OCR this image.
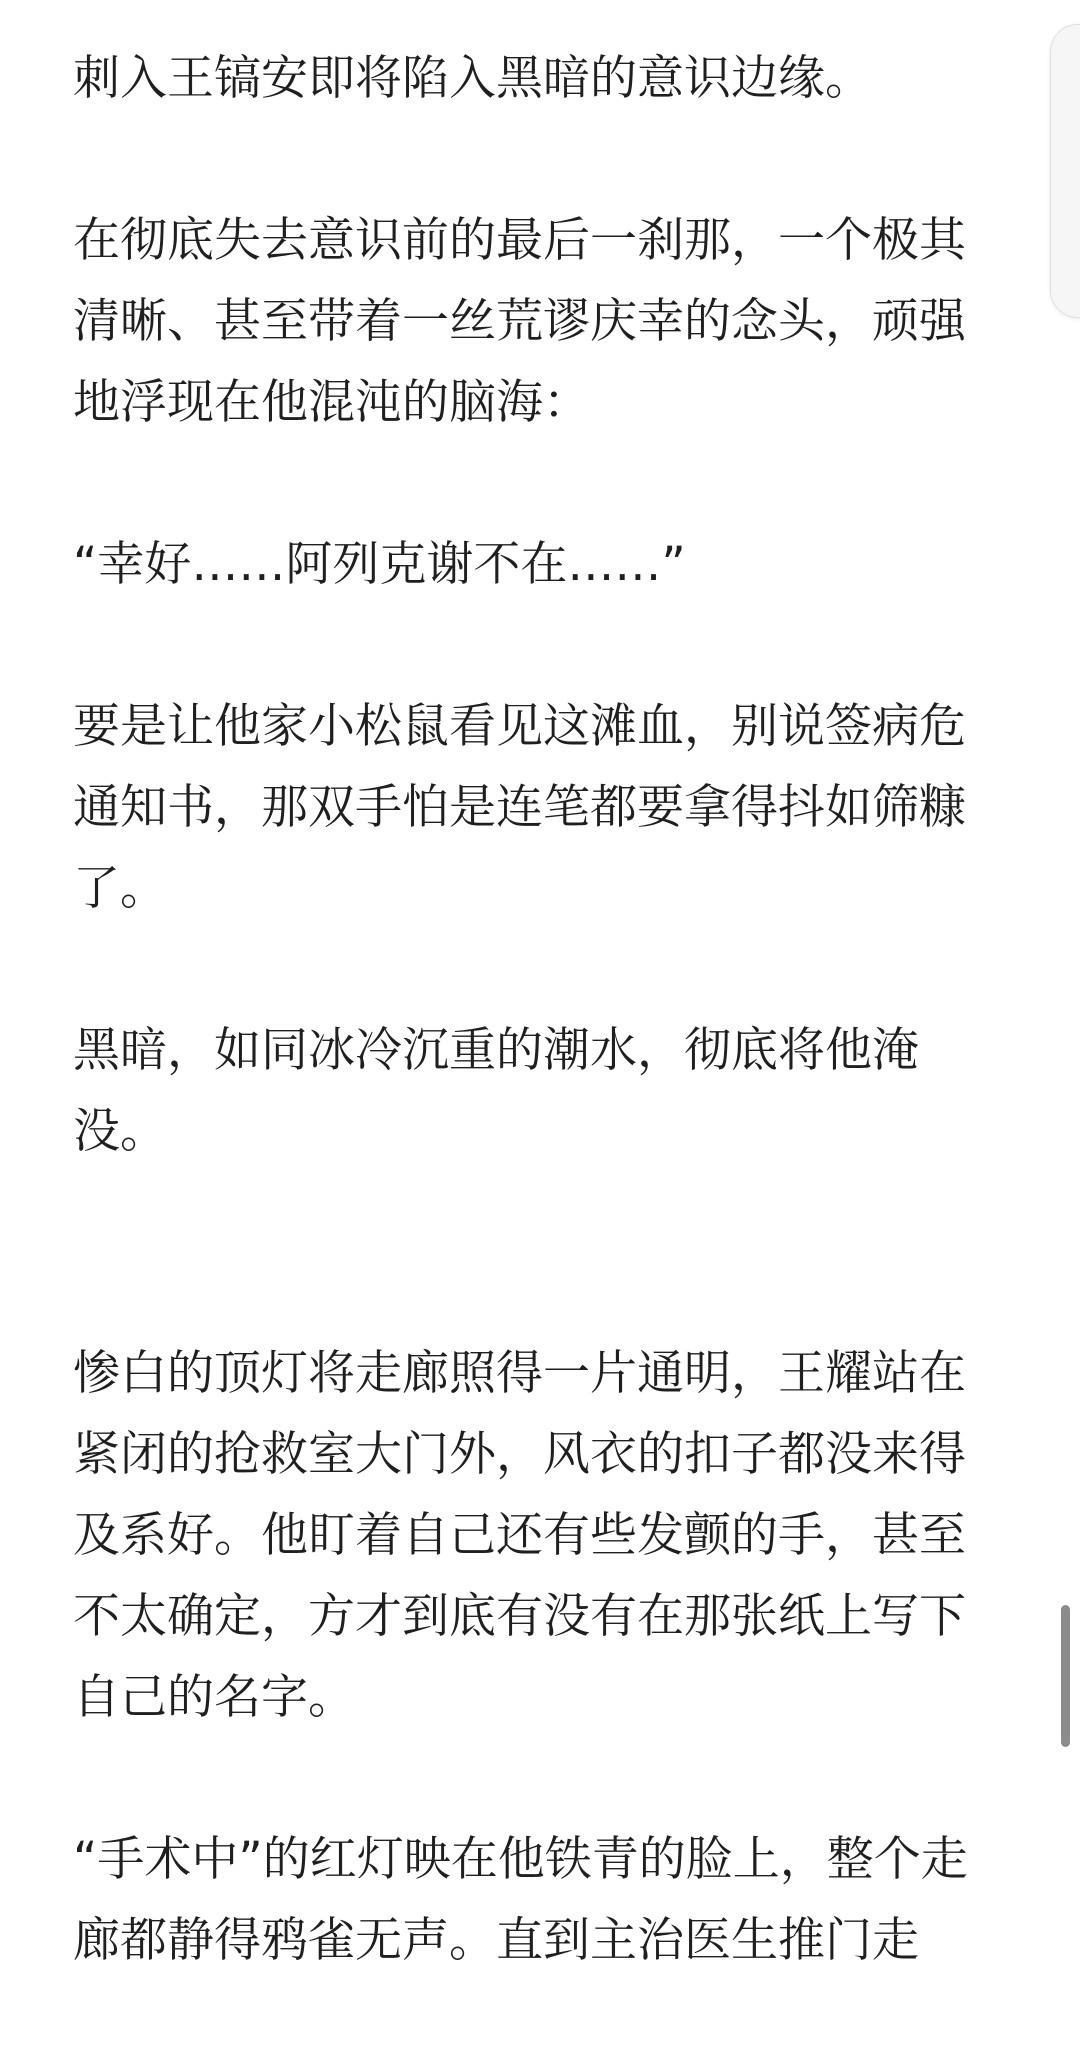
刺入王镐安即将陷入黑暗的意识边缘。

在彻底失去意识前的最后一刹那，一个极其清晰、甚至带着一丝荒谬庆幸的念头，顽强地浮现在他混沌的脑海：

“幸好……阿列克谢不在……”

要是让他家小松鼠看见这滩血，别说签病危通知书，那双手怕是连笔都要拿得抖如筛糠了。

黑暗，如同冰冷沉重的潮水，彻底将他淹没。

惨白的顶灯将走廊照得一片通明，王耀站在紧闭的抢救室大门外，风衣的扣子都没来得及系好。他盯着自己还有些发颤的手，甚至不太确定，方才到底有没有在那张纸上写下自己的名字。

“手术中”的红灯映在他铁青的脸上，整个走廊都静得鸦雀无声。直到主治医生推门走
